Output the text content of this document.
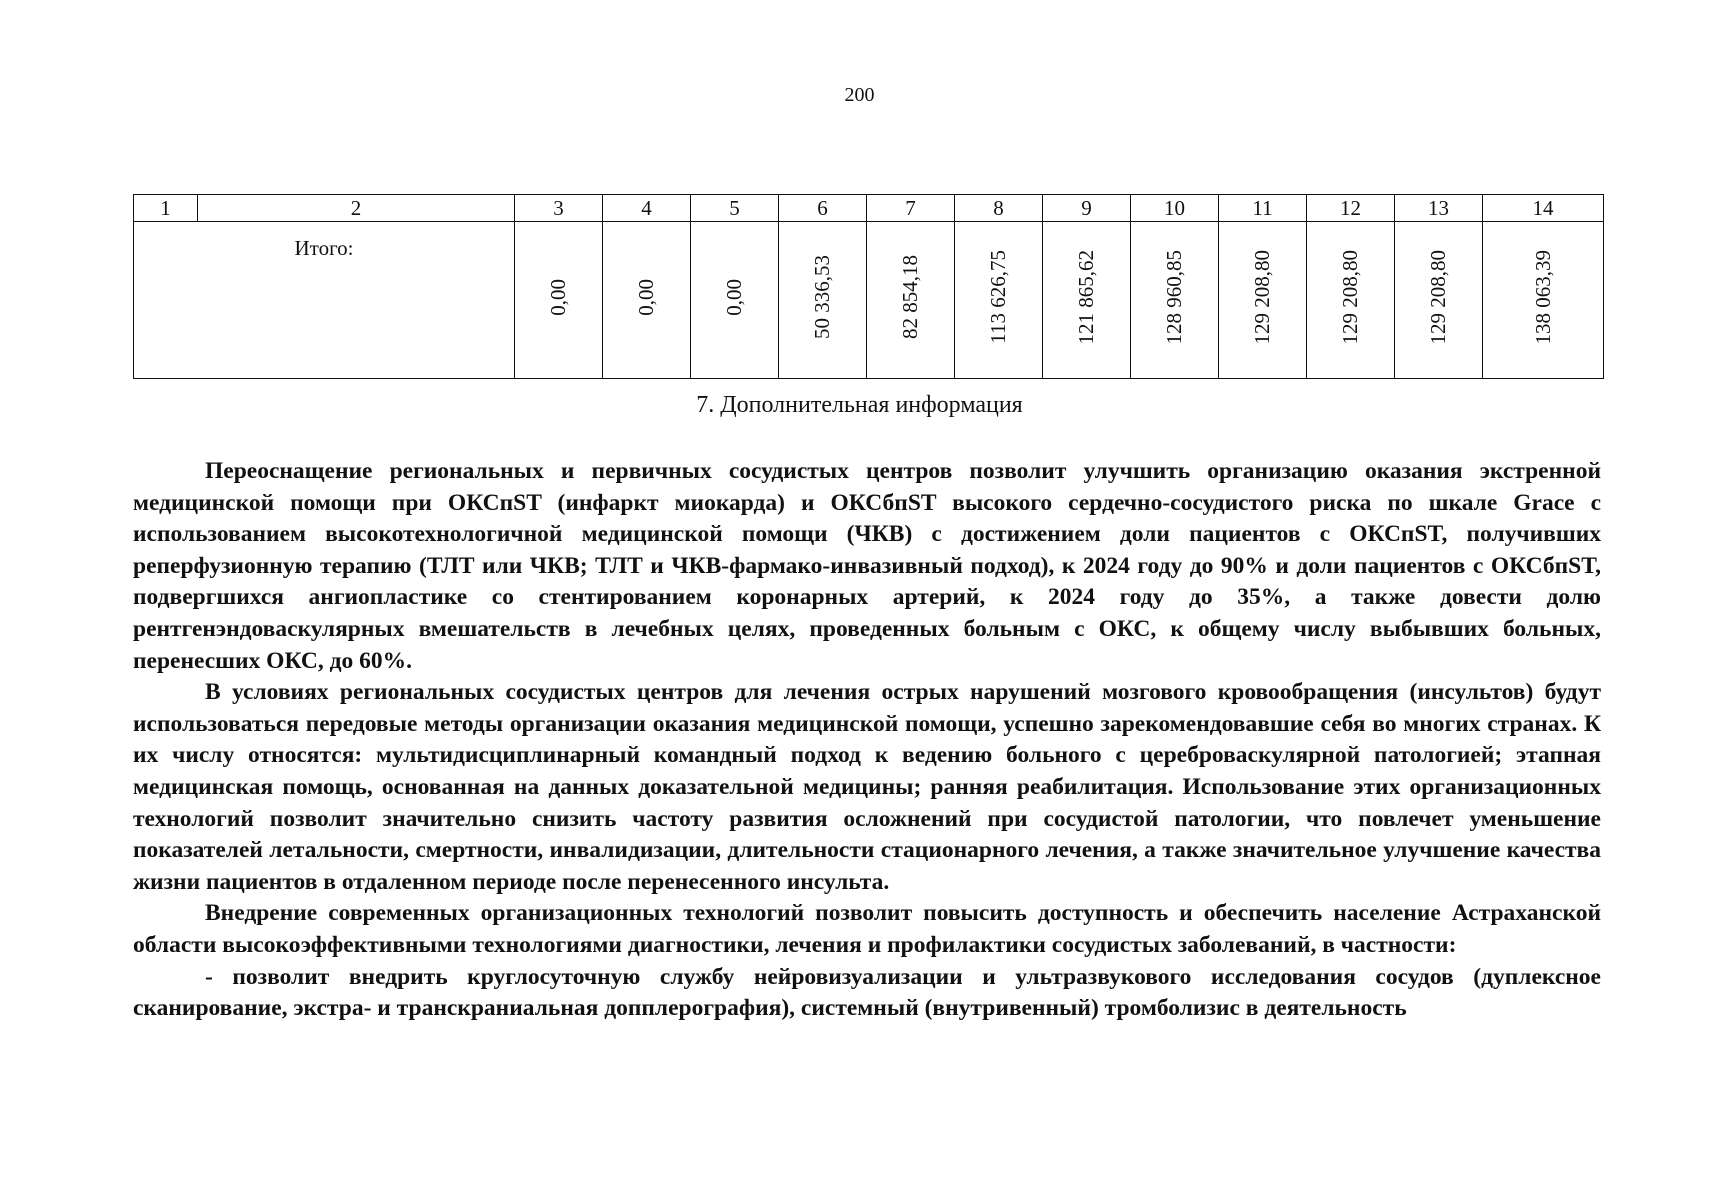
200
1	2	3	4	5	6	7	8	9	10	11	12	13	14
Итого:		0,00	0,00	0,00	50 336,53	82 854,18	113 626,75	121 865,62	128 960,85	129 208,80	129 208,80	129 208,80	138 063,39
7. Дополнительная информация

Переоснащение региональных и первичных сосудистых центров позволит улучшить организацию оказания экстренной медицинской помощи при ОКСпST (инфаркт миокарда) и ОКСбпST высокого сердечно-сосудистого риска по шкале Grace с использованием высокотехнологичной медицинской помощи (ЧКВ) с достижением доли пациентов с ОКСпST, получивших реперфузионную терапию (ТЛТ или ЧКВ; ТЛТ и ЧКВ-фармако-инвазивный подход), к 2024 году до 90% и доли пациентов с ОКСбпST, подвергшихся ангиопластике со стентированием коронарных артерий, к 2024 году до 35%, а также довести долю рентгенэндоваскулярных вмешательств в лечебных целях, проведенных больным с ОКС, к общему числу выбывших больных, перенесших ОКС, до 60%.

В условиях региональных сосудистых центров для лечения острых нарушений мозгового кровообращения (инсультов) будут использоваться передовые методы организации оказания медицинской помощи, успешно зарекомендовавшие себя во многих странах. К их числу относятся: мультидисциплинарный командный подход к ведению больного с цереброваскулярной патологией; этапная медицинская помощь, основанная на данных доказательной медицины; ранняя реабилитация. Использование этих организационных технологий позволит значительно снизить частоту развития осложнений при сосудистой патологии, что повлечет уменьшение показателей летальности, смертности, инвалидизации, длительности стационарного лечения, а также значительное улучшение качества жизни пациентов в отдаленном периоде после перенесенного инсульта.

Внедрение современных организационных технологий позволит повысить доступность и обеспечить население Астраханской области высокоэффективными технологиями диагностики, лечения и профилактики сосудистых заболеваний, в частности:

- позволит внедрить круглосуточную службу нейровизуализации и ультразвукового исследования сосудов (дуплексное сканирование, экстра- и транскраниальная допплерография), системный (внутривенный) тромболизис в деятельность
